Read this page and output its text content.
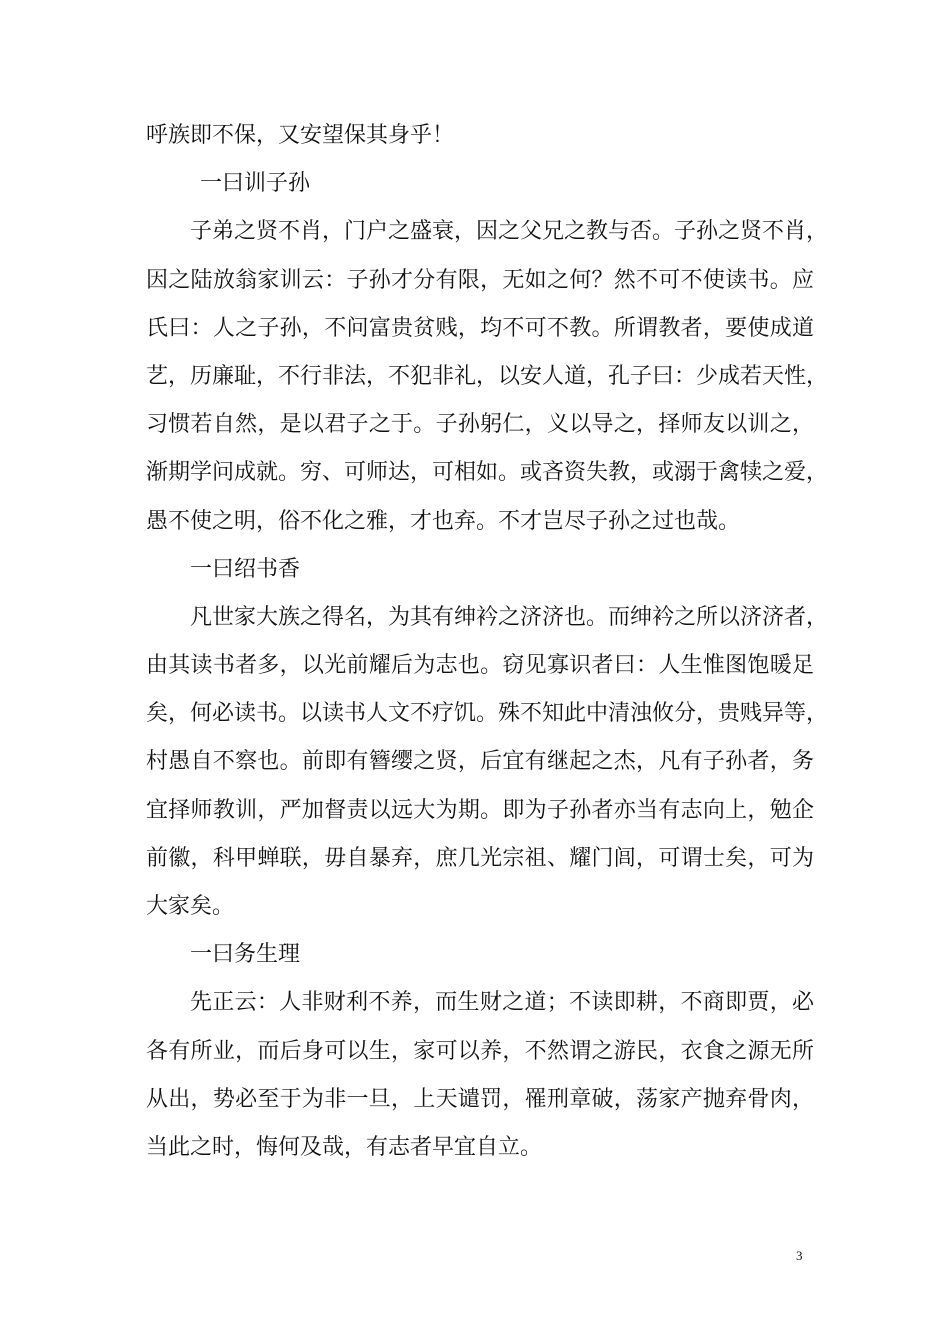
呼族即不保，又安望保其身乎！
一曰训子孙
子弟之贤不肖，门户之盛衰，因之父兄之教与否。子孙之贤不肖，
因之陆放翁家训云：子孙才分有限，无如之何？然不可不使读书。应
氏曰：人之子孙，不问富贵贫贱，均不可不教。所谓教者，要使成道
艺，历廉耻，不行非法，不犯非礼，以安人道，孔子曰：少成若天性，
习惯若自然，是以君子之于。子孙躬仁，义以导之，择师友以训之，
渐期学问成就。穷、可师达，可相如。或吝资失教，或溺于禽犊之爱，
愚不使之明，俗不化之雅，才也弃。不才岂尽子孙之过也哉。
一曰绍书香
凡世家大族之得名，为其有绅衿之济济也。而绅衿之所以济济者，
由其读书者多，以光前耀后为志也。窃见寡识者曰：人生惟图饱暖足
矣，何必读书。以读书人文不疗饥。殊不知此中清浊攸分，贵贱异等，
村愚自不察也。前即有簪缨之贤，后宜有继起之杰，凡有子孙者，务
宜择师教训，严加督责以远大为期。即为子孙者亦当有志向上，勉企
前徽，科甲蝉联，毋自暴弃，庶几光宗祖、耀门闾，可谓士矣，可为
大家矣。
一曰务生理
先正云：人非财利不养，而生财之道；不读即耕，不商即贾，必
各有所业，而后身可以生，家可以养，不然谓之游民，衣食之源无所
从出，势必至于为非一旦，上天谴罚，罹刑章破，荡家产抛弃骨肉，
当此之时，悔何及哉，有志者早宜自立。
3
